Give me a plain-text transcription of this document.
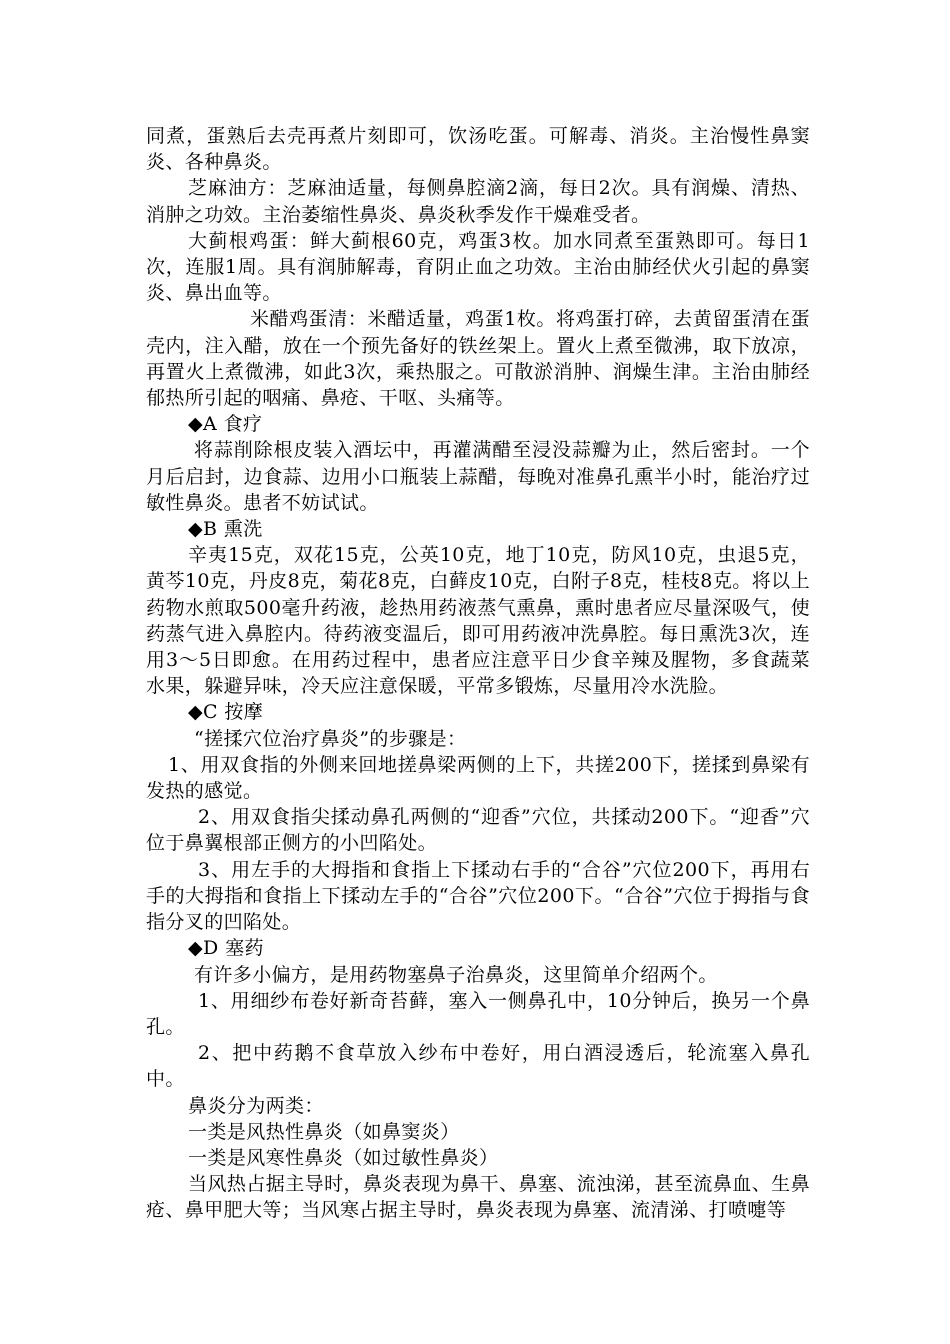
同煮，蛋熟后去壳再煮片刻即可，饮汤吃蛋。可解毒、消炎。主治慢性鼻窦炎、各种鼻炎。

芝麻油方：芝麻油适量，每侧鼻腔滴2滴，每日2次。具有润燥、清热、消肿之功效。主治萎缩性鼻炎、鼻炎秋季发作干燥难受者。

大蓟根鸡蛋：鲜大蓟根60克，鸡蛋3枚。加水同煮至蛋熟即可。每日1次，连服1周。具有润肺解毒，育阴止血之功效。主治由肺经伏火引起的鼻窦炎、鼻出血等。

米醋鸡蛋清：米醋适量，鸡蛋1枚。将鸡蛋打碎，去黄留蛋清在蛋壳内，注入醋，放在一个预先备好的铁丝架上。置火上煮至微沸，取下放凉，再置火上煮微沸，如此3次，乘热服之。可散淤消肿、润燥生津。主治由肺经郁热所引起的咽痛、鼻疮、干呕、头痛等。

◆A 食疗

将蒜削除根皮装入酒坛中，再灌满醋至浸没蒜瓣为止，然后密封。一个月后启封，边食蒜、边用小口瓶装上蒜醋，每晚对准鼻孔熏半小时，能治疗过敏性鼻炎。患者不妨试试。

◆B 熏洗

辛夷15克，双花15克，公英10克，地丁10克，防风10克，虫退5克，黄芩10克，丹皮8克，菊花8克，白藓皮10克，白附子8克，桂枝8克。将以上药物水煎取500毫升药液，趁热用药液蒸气熏鼻，熏时患者应尽量深吸气，使药蒸气进入鼻腔内。待药液变温后，即可用药液冲洗鼻腔。每日熏洗3次，连用3～5日即愈。在用药过程中，患者应注意平日少食辛辣及腥物，多食蔬菜水果，躲避异味，冷天应注意保暖，平常多锻炼，尽量用冷水洗脸。

◆C 按摩

“搓揉穴位治疗鼻炎”的步骤是：

1、用双食指的外侧来回地搓鼻梁两侧的上下，共搓200下，搓揉到鼻梁有发热的感觉。

2、用双食指尖揉动鼻孔两侧的“迎香”穴位，共揉动200下。“迎香”穴位于鼻翼根部正侧方的小凹陷处。

3、用左手的大拇指和食指上下揉动右手的“合谷”穴位200下，再用右手的大拇指和食指上下揉动左手的“合谷”穴位200下。“合谷”穴位于拇指与食指分叉的凹陷处。

◆D 塞药

有许多小偏方，是用药物塞鼻子治鼻炎，这里简单介绍两个。

1、用细纱布卷好新奇苔藓，塞入一侧鼻孔中，10分钟后，换另一个鼻孔。

2、把中药鹅不食草放入纱布中卷好，用白酒浸透后，轮流塞入鼻孔中。

鼻炎分为两类：

一类是风热性鼻炎（如鼻窦炎）

一类是风寒性鼻炎（如过敏性鼻炎）

当风热占据主导时，鼻炎表现为鼻干、鼻塞、流浊涕，甚至流鼻血、生鼻疮、鼻甲肥大等；当风寒占据主导时，鼻炎表现为鼻塞、流清涕、打喷嚏等
